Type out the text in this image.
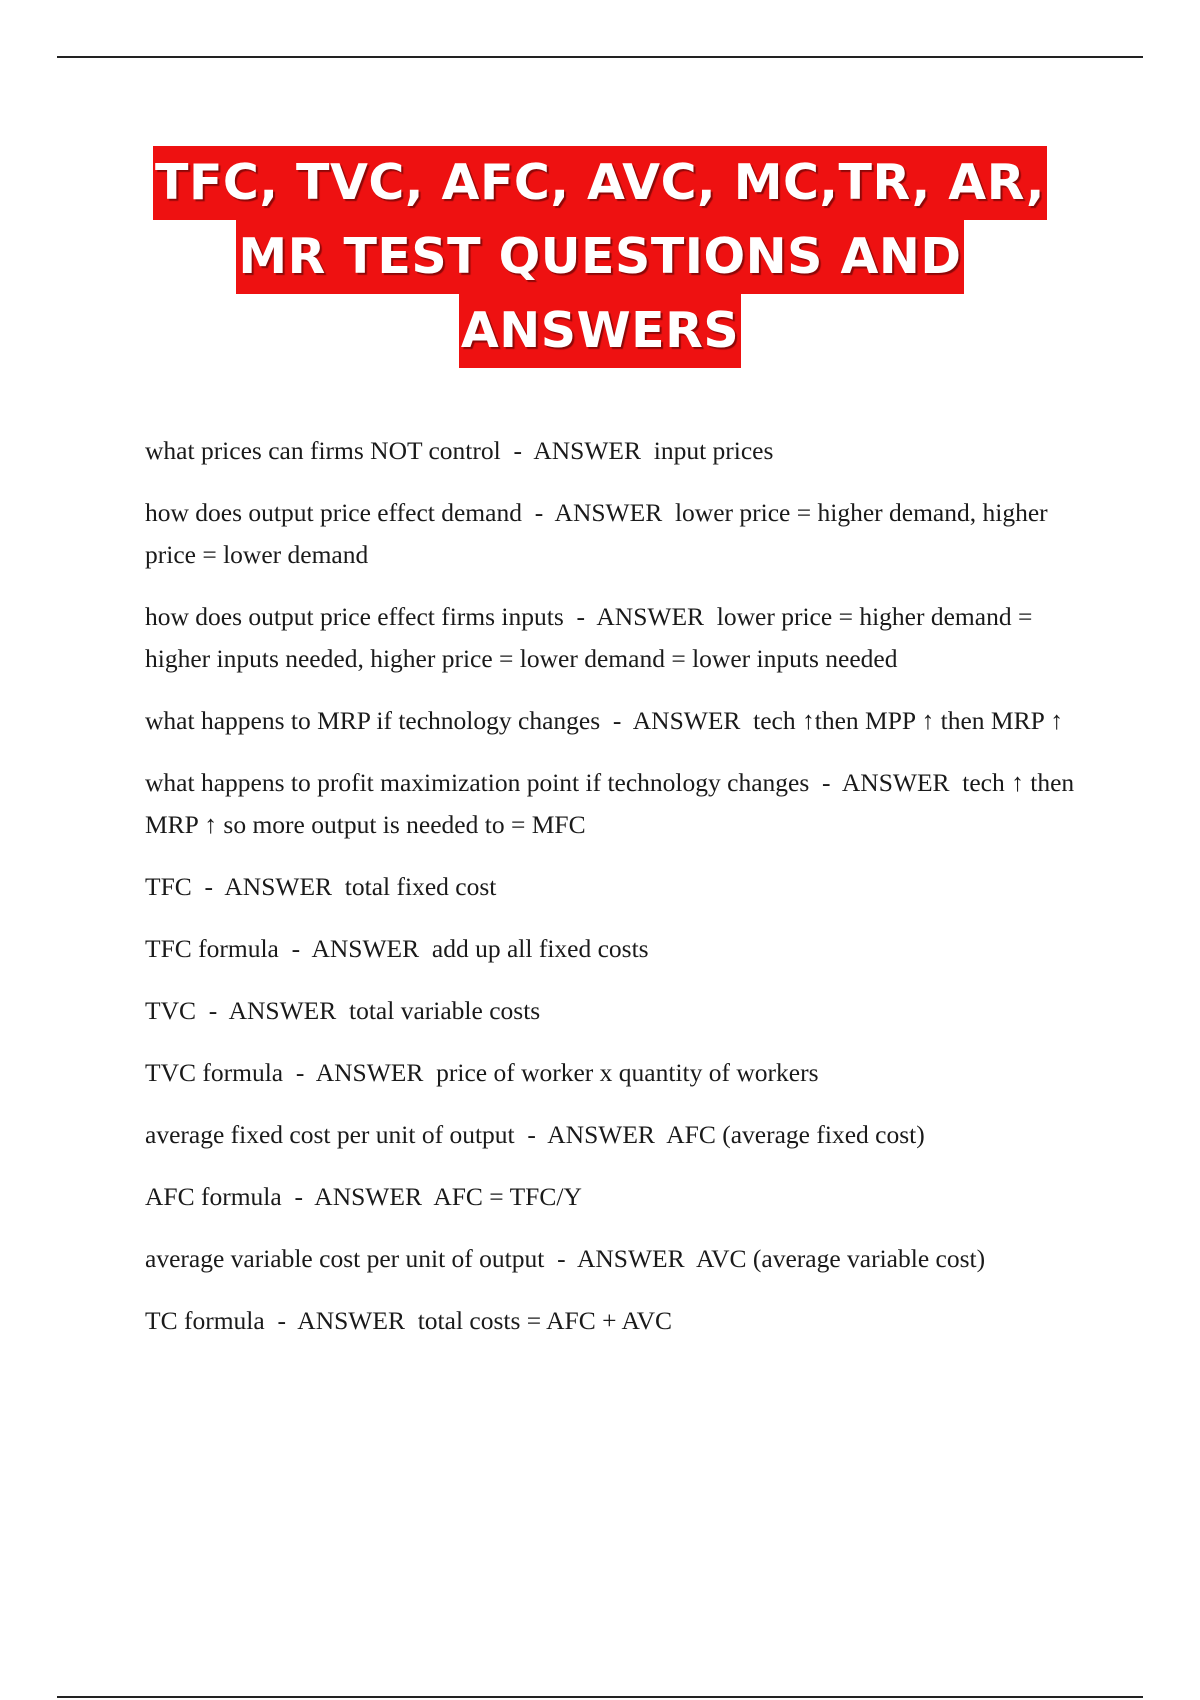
TFC, TVC, AFC, AVC, MC,TR, AR,
MR TEST QUESTIONS AND
ANSWERS

what prices can firms NOT control  -  ANSWER input prices

how does output price effect demand  -  ANSWER lower price = higher demand, higher price = lower demand

how does output price effect firms inputs  -  ANSWER lower price = higher demand = higher inputs needed, higher price = lower demand = lower inputs needed

what happens to MRP if technology changes  -  ANSWER tech ↑then MPP ↑ then MRP ↑

what happens to profit maximization point if technology changes  -  ANSWER tech ↑ then MRP ↑ so more output is needed to = MFC

TFC  -  ANSWER total fixed cost

TFC formula  -  ANSWER add up all fixed costs

TVC  -  ANSWER total variable costs

TVC formula  -  ANSWER price of worker x quantity of workers

average fixed cost per unit of output  -  ANSWER AFC (average fixed cost)

AFC formula  -  ANSWER AFC = TFC/Y

average variable cost per unit of output  -  ANSWER AVC (average variable cost)

TC formula  -  ANSWER total costs = AFC + AVC
